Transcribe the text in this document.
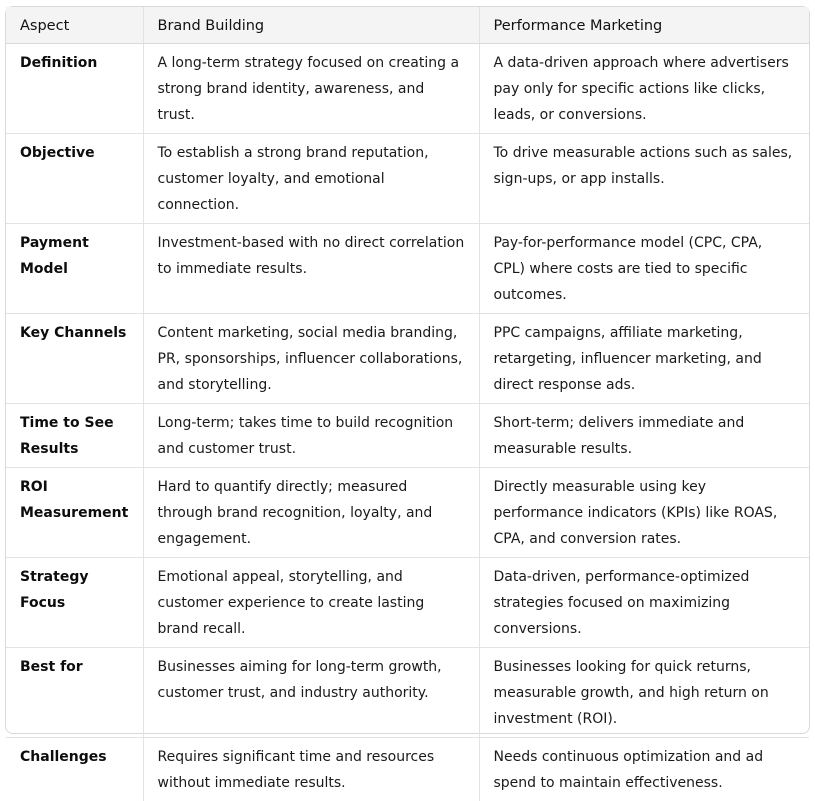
Aspect	Brand Building	Performance Marketing
Definition	A long-term strategy focused on creating a strong brand identity, awareness, and trust.	A data-driven approach where advertisers pay only for specific actions like clicks, leads, or conversions.
Objective	To establish a strong brand reputation, customer loyalty, and emotional connection.	To drive measurable actions such as sales, sign-ups, or app installs.
Payment Model	Investment-based with no direct correlation to immediate results.	Pay-for-performance model (CPC, CPA, CPL) where costs are tied to specific outcomes.
Key Channels	Content marketing, social media branding, PR, sponsorships, influencer collaborations, and storytelling.	PPC campaigns, affiliate marketing, retargeting, influencer marketing, and direct response ads.
Time to See Results	Long-term; takes time to build recognition and customer trust.	Short-term; delivers immediate and measurable results.
ROI Measurement	Hard to quantify directly; measured through brand recognition, loyalty, and engagement.	Directly measurable using key performance indicators (KPIs) like ROAS, CPA, and conversion rates.
Strategy Focus	Emotional appeal, storytelling, and customer experience to create lasting brand recall.	Data-driven, performance-optimized strategies focused on maximizing conversions.
Best for	Businesses aiming for long-term growth, customer trust, and industry authority.	Businesses looking for quick returns, measurable growth, and high return on investment (ROI).
Challenges	Requires significant time and resources without immediate results.	Needs continuous optimization and ad spend to maintain effectiveness.
